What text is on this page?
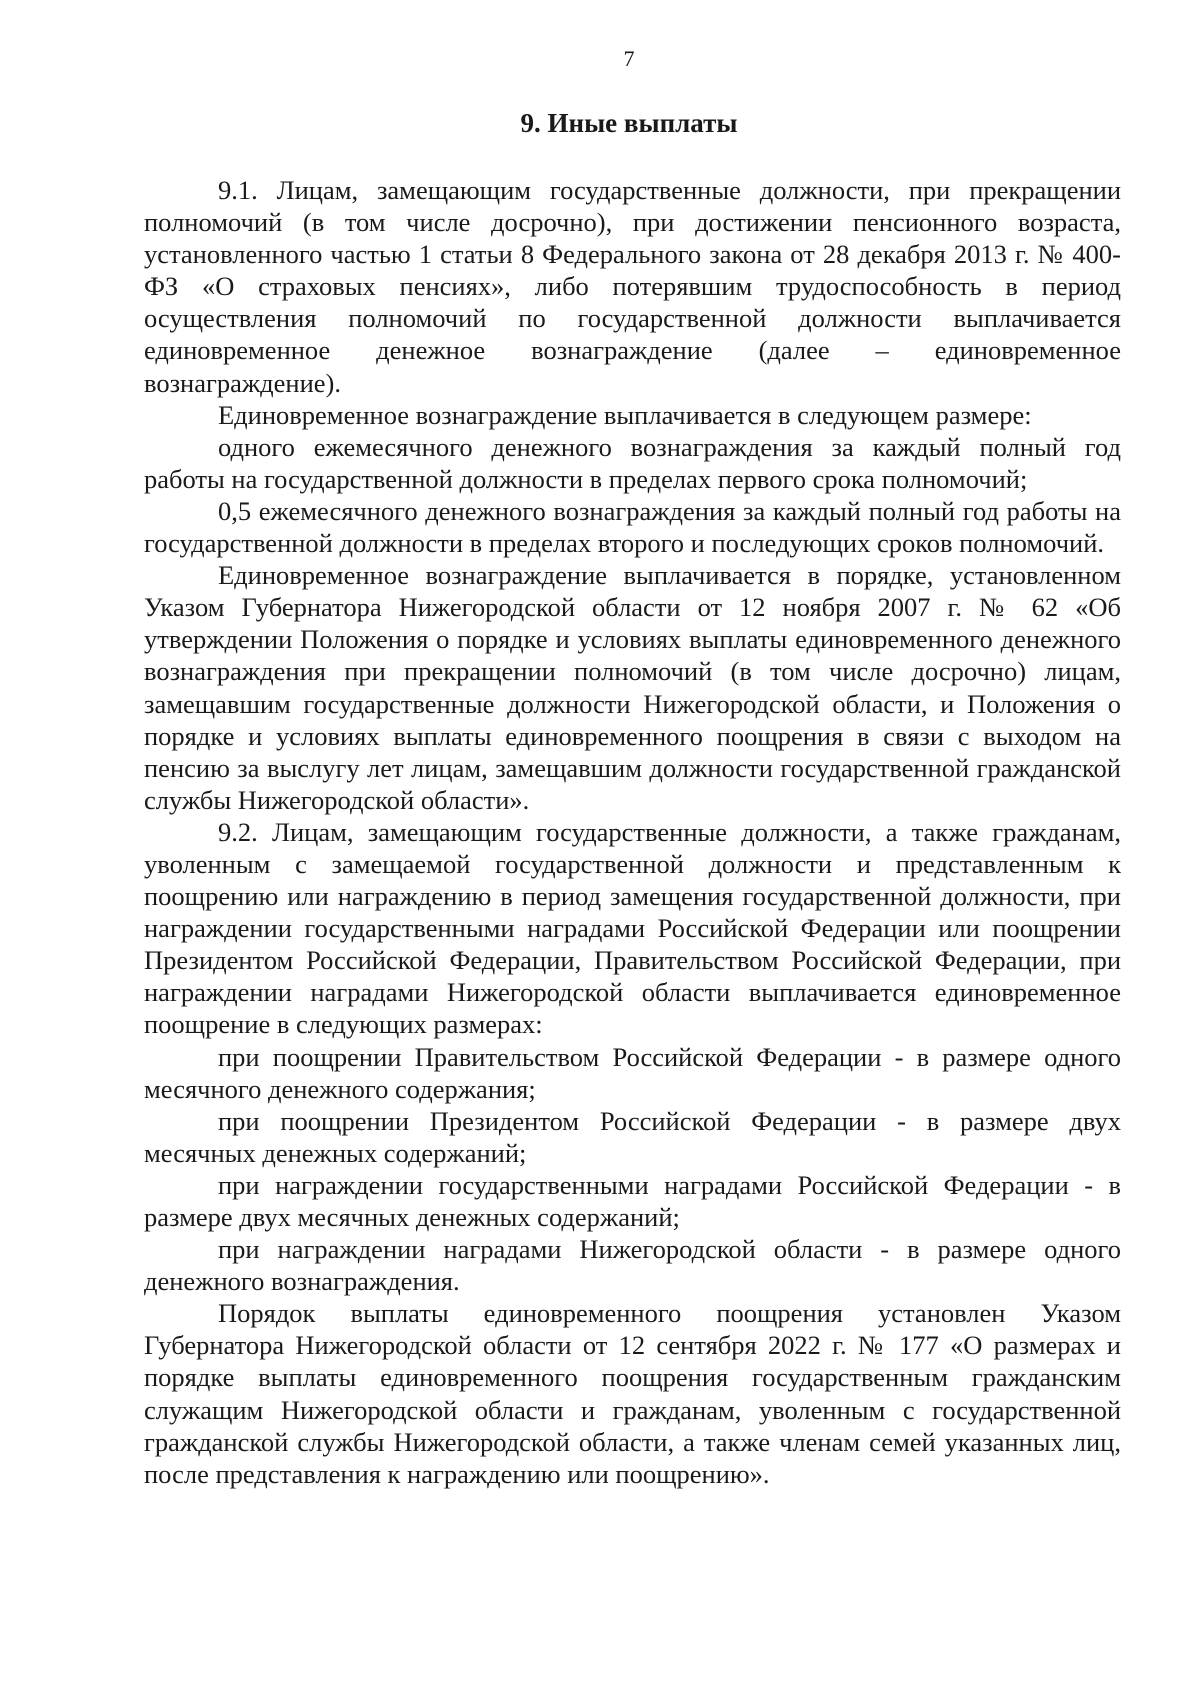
7
9. Иные выплаты

9.1. Лицам, замещающим государственные должности, при прекращении полномочий (в том числе досрочно), при достижении пенсионного возраста, установленного частью 1 статьи 8 Федерального закона от 28 декабря 2013 г. № 400-ФЗ «О страховых пенсиях», либо потерявшим трудоспособность в период осуществления полномочий по государственной должности выплачивается единовременное денежное вознаграждение (далее – единовременное вознаграждение).

Единовременное вознаграждение выплачивается в следующем размере:

одного ежемесячного денежного вознаграждения за каждый полный год работы на государственной должности в пределах первого срока полномочий;

0,5 ежемесячного денежного вознаграждения за каждый полный год работы на государственной должности в пределах второго и последующих сроков полномочий.

Единовременное вознаграждение выплачивается в порядке, установленном Указом Губернатора Нижегородской области от 12 ноября 2007 г. № 62 «Об утверждении Положения о порядке и условиях выплаты единовременного денежного вознаграждения при прекращении полномочий (в том числе досрочно) лицам, замещавшим государственные должности Нижегородской области, и Положения о порядке и условиях выплаты единовременного поощрения в связи с выходом на пенсию за выслугу лет лицам, замещавшим должности государственной гражданской службы Нижегородской области».

9.2. Лицам, замещающим государственные должности, а также гражданам, уволенным с замещаемой государственной должности и представленным к поощрению или награждению в период замещения государственной должности, при награждении государственными наградами Российской Федерации или поощрении Президентом Российской Федерации, Правительством Российской Федерации, при награждении наградами Нижегородской области выплачивается единовременное поощрение в следующих размерах:

при поощрении Правительством Российской Федерации - в размере одного месячного денежного содержания;

при поощрении Президентом Российской Федерации - в размере двух месячных денежных содержаний;

при награждении государственными наградами Российской Федерации - в размере двух месячных денежных содержаний;

при награждении наградами Нижегородской области - в размере одного денежного вознаграждения.

Порядок выплаты единовременного поощрения установлен Указом Губернатора Нижегородской области от 12 сентября 2022 г. № 177 «О размерах и порядке выплаты единовременного поощрения государственным гражданским служащим Нижегородской области и гражданам, уволенным с государственной гражданской службы Нижегородской области, а также членам семей указанных лиц, после представления к награждению или поощрению».
